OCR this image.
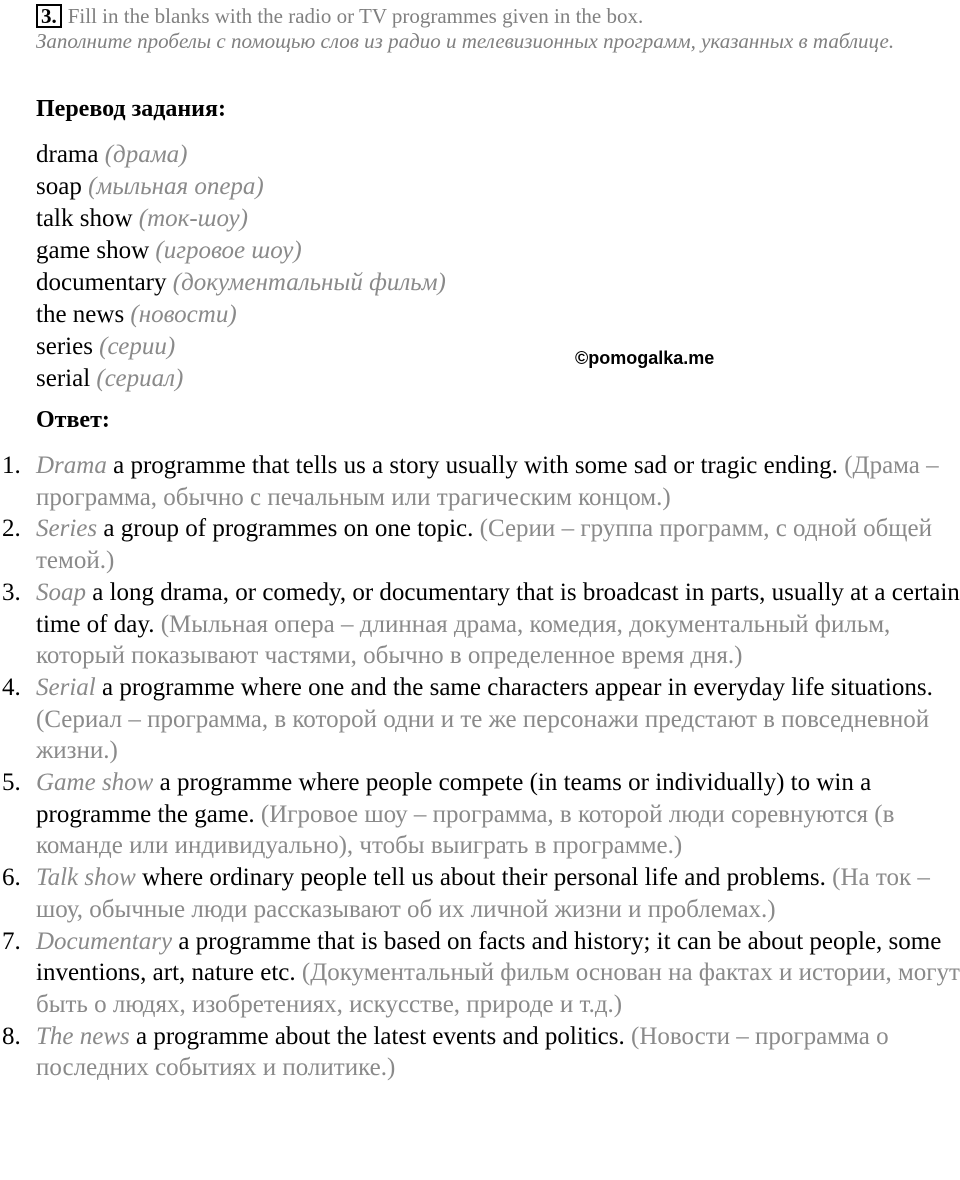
3. Fill in the blanks with the radio or TV programmes given in the box.
Заполните пробелы с помощью слов из радио и телевизионных программ, указанных в таблице.
Перевод задания:
drama (драма)
soap (мыльная опера)
talk show (ток-шоу)
game show (игровое шоу)
documentary (документальный фильм)
the news (новости)
series (серии)
serial (сериал)
©pomogalka.me
Ответ:
1. Drama a programme that tells us a story usually with some sad or tragic ending. (Драма – программа, обычно с печальным или трагическим концом.)
2. Series a group of programmes on one topic. (Серии – группа программ, с одной общей темой.)
3. Soap a long drama, or comedy, or documentary that is broadcast in parts, usually at a certain time of day. (Мыльная опера – длинная драма, комедия, документальный фильм, который показывают частями, обычно в определенное время дня.)
4. Serial a programme where one and the same characters appear in everyday life situations. (Сериал – программа, в которой одни и те же персонажи предстают в повседневной жизни.)
5. Game show a programme where people compete (in teams or individually) to win a programme the game. (Игровое шоу – программа, в которой люди соревнуются (в команде или индивидуально), чтобы выиграть в программе.)
6. Talk show where ordinary people tell us about their personal life and problems. (На ток – шоу, обычные люди рассказывают об их личной жизни и проблемах.)
7. Documentary a programme that is based on facts and history; it can be about people, some inventions, art, nature etc. (Документальный фильм основан на фактах и истории, могут быть о людях, изобретениях, искусстве, природе и т.д.)
8. The news a programme about the latest events and politics. (Новости – программа о последних событиях и политике.)
